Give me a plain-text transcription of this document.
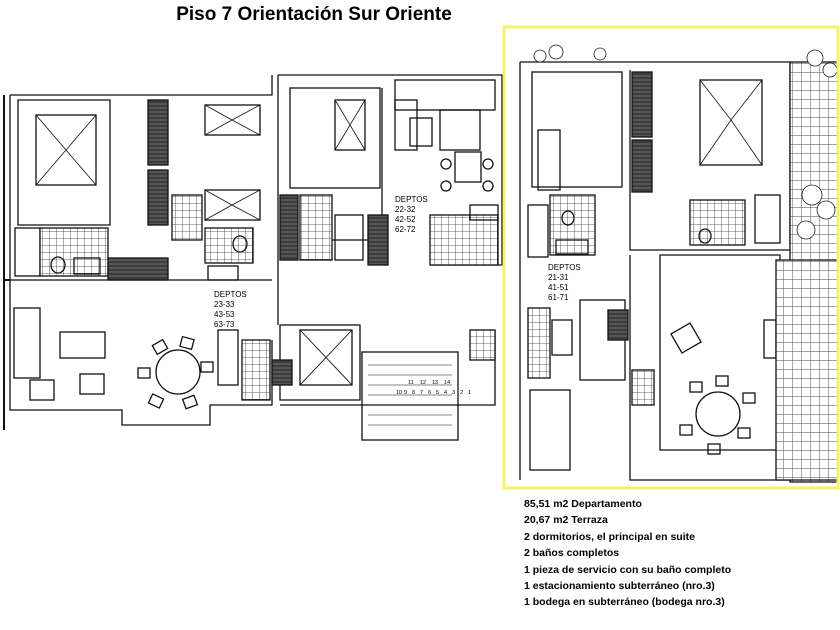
Piso 7 Orientación Sur Oriente
DEPTOS
22-32
42-52
62-72
DEPTOS
23-33
43-53
63-73
DEPTOS
21-31
41-51
61-71
11 12 13 14
10 9 8 7 6 5 4 3 2 1
85,51 m2 Departamento
20,67 m2 Terraza
2 dormitorios, el principal en suite
2 baños completos
1 pieza de servicio con su baño completo
1 estacionamiento subterráneo (nro.3)
1 bodega en subterráneo (bodega nro.3)
